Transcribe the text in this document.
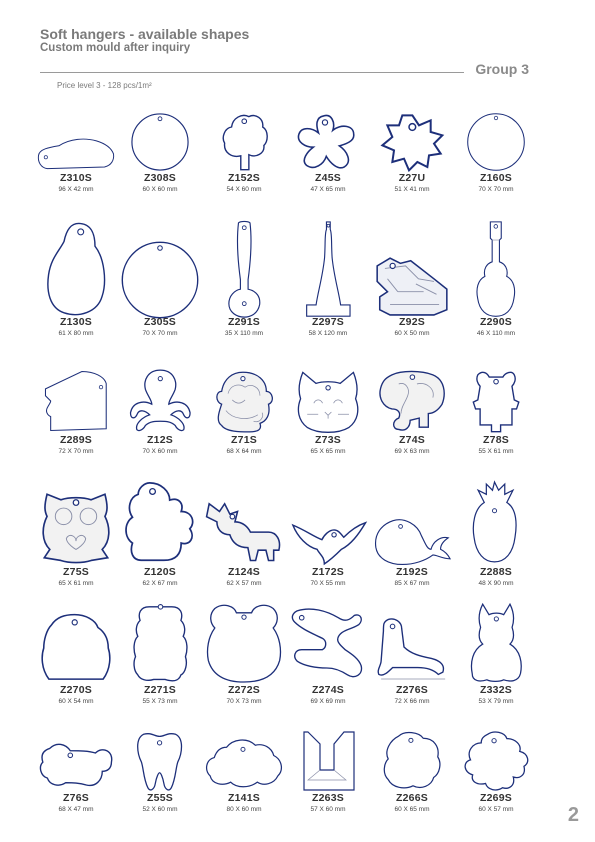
Soft hangers - available shapes
Custom mould after inquiry
Group 3
Price level 3 - 128 pcs/1m²
2
Z310S
96 X 42 mm
Z308S
60 X 60 mm
Z152S
54 X 60 mm
Z45S
47 X 65 mm
Z27U
51 X 41 mm
Z160S
70 X 70 mm
Z130S
61 X 80 mm
Z305S
70 X 70 mm
Z291S
35 X 110 mm
Z297S
58 X 120 mm
Z92S
60 X 50 mm
Z290S
46 X 110 mm
Z289S
72 X 70 mm
Z12S
70 X 60 mm
Z71S
68 X 64 mm
Z73S
65 X 65 mm
Z74S
69 X 63 mm
Z78S
55 X 61 mm
Z75S
65 X 61 mm
Z120S
62 X 67 mm
Z124S
62 X 57 mm
Z172S
70 X 55 mm
Z192S
85 X 67 mm
Z288S
48 X 90 mm
Z270S
60 X 54 mm
Z271S
55 X 73 mm
Z272S
70 X 73 mm
Z274S
69 X 69 mm
Z276S
72 X 66 mm
Z332S
53 X 79 mm
Z76S
68 X 47 mm
Z55S
52 X 60 mm
Z141S
80 X 60 mm
Z263S
57 X 60 mm
Z266S
60 X 65 mm
Z269S
60 X 57 mm
